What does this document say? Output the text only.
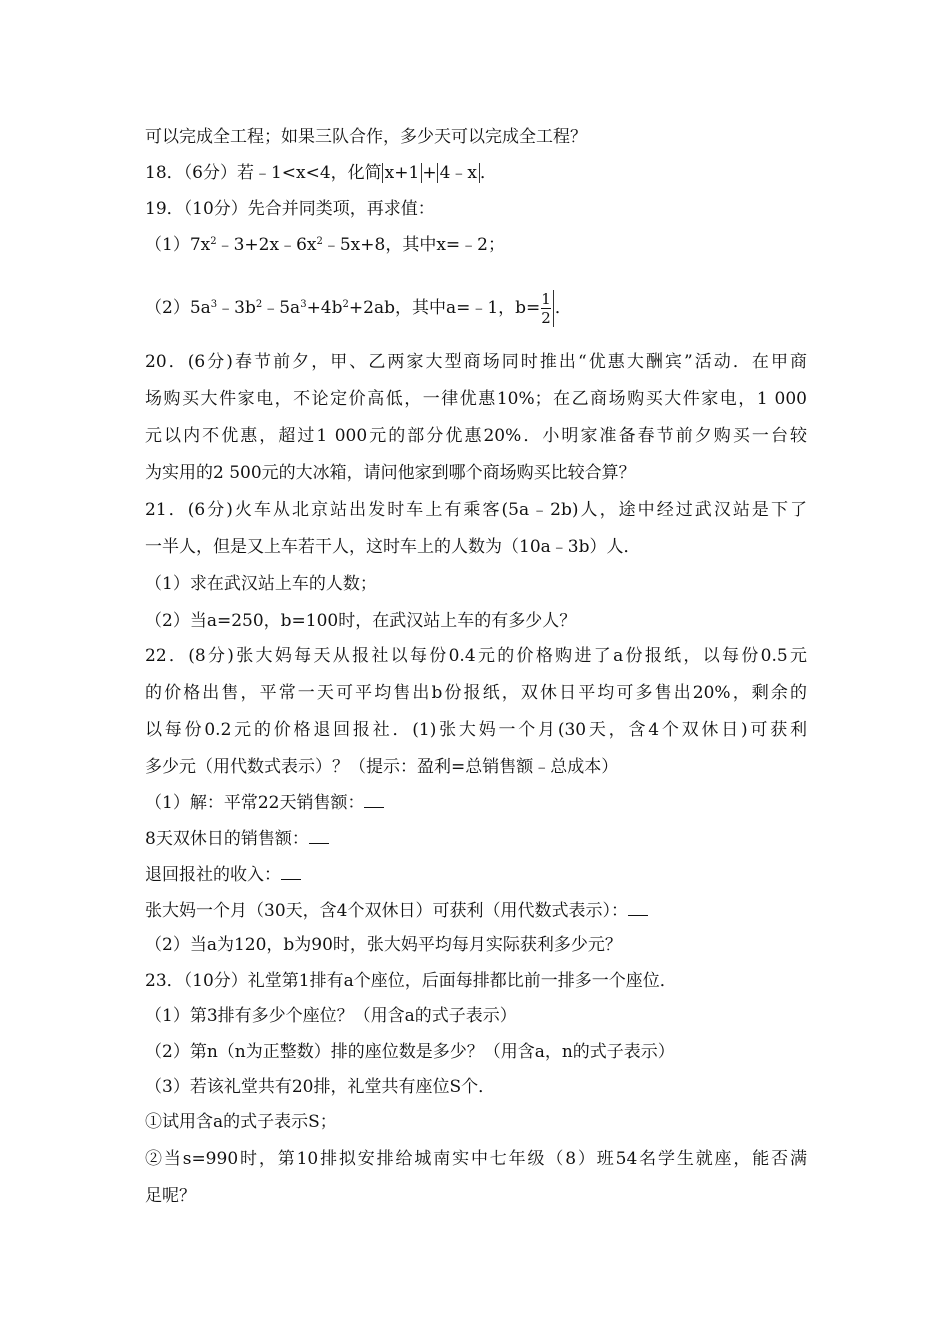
可以完成全工程；如果三队合作，多少天可以完成全工程？
18．（6分）若﹣1<x<4，化简 x+1 + 4﹣x ．
19．（10分）先合并同类项，再求值：
$(1)7x^2﹣3+2x﹣6x^2﹣5x+8$，其中x=﹣2；
$(2)5a^3﹣3b^2﹣5a^3+4b^2+2ab$，其中a=﹣1，$b= \frac{1}{2}$ ．
20．(6分)春节前夕，甲、乙两家大型商场同时推出“优惠大酬宾”活动．在甲商
场购买大件家电，不论定价高低，一律优惠10%；在乙商场购买大件家电，1 000
元以内不优惠，超过1 000元的部分优惠20%．小明家准备春节前夕购买一台较
为实用的2 500元的大冰箱，请问他家到哪个商场购买比较合算？
21．(6分)火车从北京站出发时车上有乘客(5a﹣2b)人，途中经过武汉站是下了
一半人，但是又上车若干人，这时车上的人数为（10a﹣3b）人．
（1）求在武汉站上车的人数；
（2）当a=250，b=100时，在武汉站上车的有多少人？
22．(8分)张大妈每天从报社以每份0.4元的价格购进了a份报纸，以每份0.5元
的价格出售，平常一天可平均售出b份报纸，双休日平均可多售出20%，剩余的
以每份0.2元的价格退回报社．(1)张大妈一个月(30天，含4个双休日)可获利
多少元（用代数式表示）？（提示：盈利=总销售额﹣总成本）
（1）解：平常22天销售额：
8天双休日的销售额：
退回报社的收入：
张大妈一个月（30天，含4个双休日）可获利（用代数式表示）：
（2）当a为120，b为90时，张大妈平均每月实际获利多少元？
23．（10分）礼堂第1排有a个座位，后面每排都比前一排多一个座位．
（1）第3排有多少个座位？（用含a的式子表示）
（2）第n（n为正整数）排的座位数是多少？（用含a，n的式子表示）
（3）若该礼堂共有20排，礼堂共有座位S个．
①试用含a的式子表示S；
②当s=990时，第10排拟安排给城南实中七年级（8）班54名学生就座，能否满
足呢？
